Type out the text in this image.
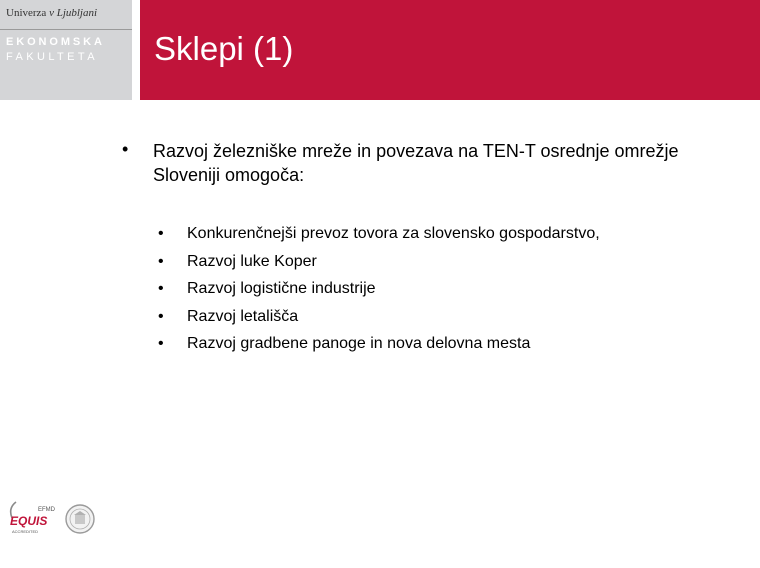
Univerza v Ljubljani
EKONOMSKA
FAKULTETA Sklepi (1)
• Razvoj železniške mreže in povezava na TEN-T osrednje omrežje Sloveniji omogoča:
• Konkurenčnejši prevoz tovora za slovensko gospodarstvo,
• Razvoj luke Koper
• Razvoj logistične industrije
• Razvoj letališča
• Razvoj gradbene panoge in nova delovna mesta
EFMD
EQUIS
ACCREDITED
